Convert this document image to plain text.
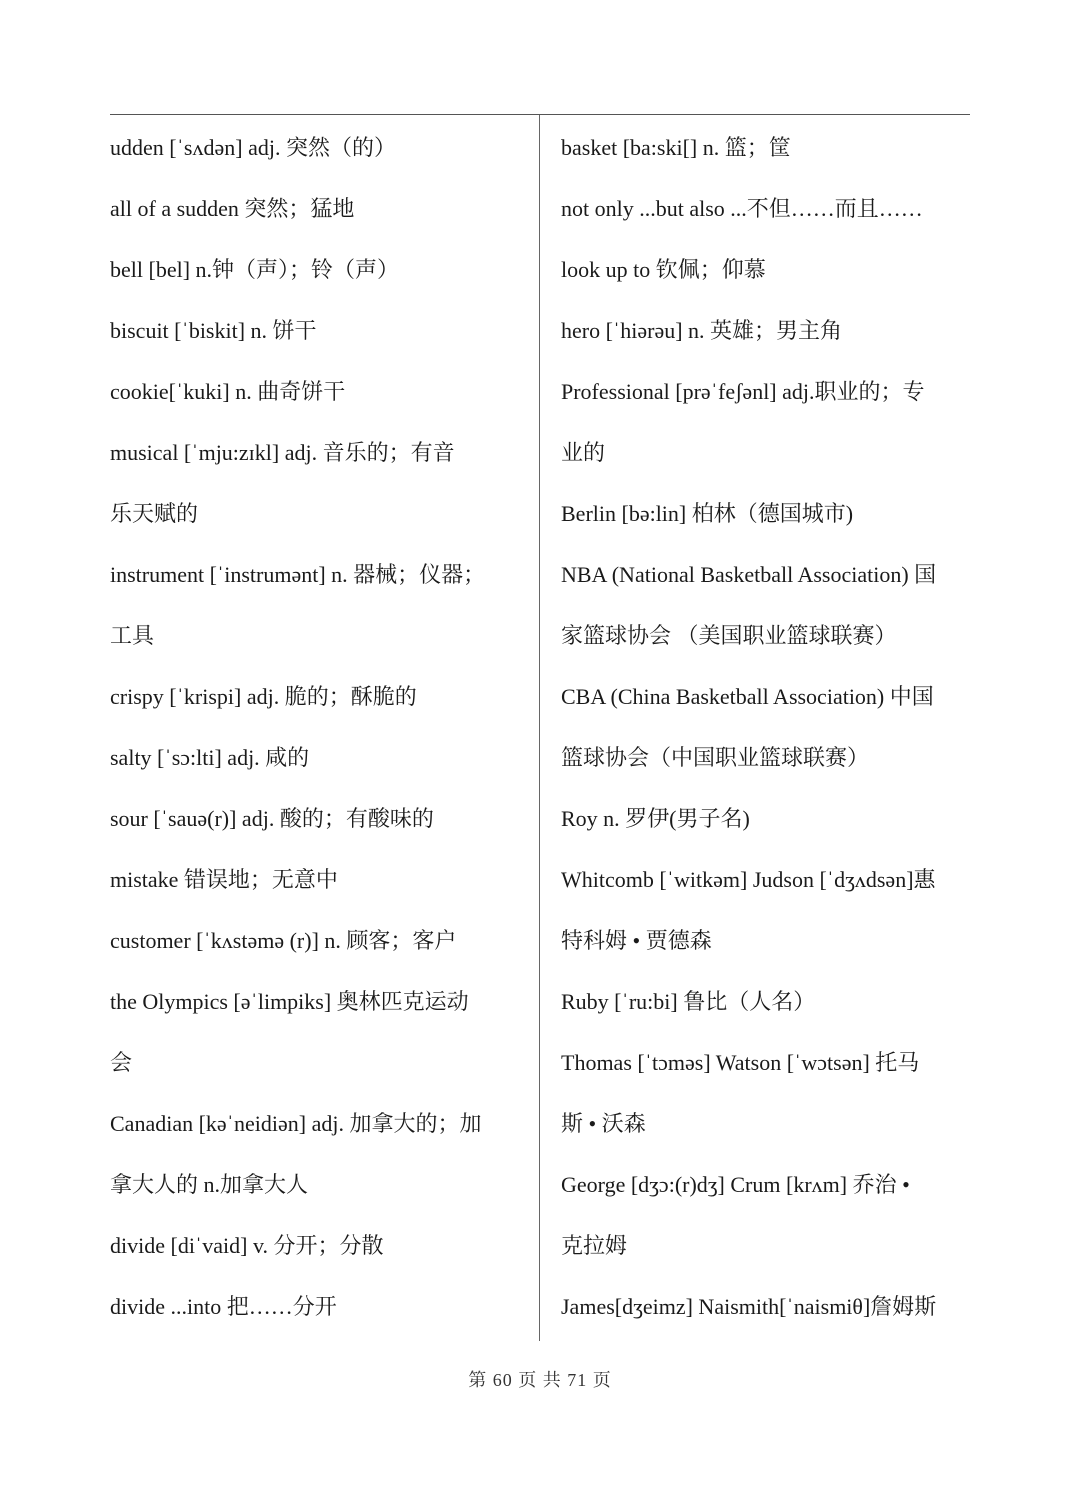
udden [ˈsʌdən] adj. 突然（的）
all of a sudden 突然；猛地
bell [bel] n.钟（声）；铃（声）
biscuit [ˈbiskit] n. 饼干
cookie[ˈkuki] n. 曲奇饼干
musical [ˈmju:zɪkl] adj. 音乐的；有音
乐天赋的
instrument [ˈinstrumənt] n. 器械；仪器；
工具
crispy [ˈkrispi] adj. 脆的；酥脆的
salty [ˈsɔ:lti] adj. 咸的
sour [ˈsauə(r)] adj. 酸的；有酸味的
mistake 错误地；无意中
customer [ˈkʌstəmə (r)] n. 顾客；客户
the Olympics [əˈlimpiks] 奥林匹克运动
会
Canadian [kəˈneidiən] adj. 加拿大的；加
拿大人的 n.加拿大人
divide [diˈvaid] v. 分开；分散
divide ...into 把……分开
basket [ba:ski[] n. 篮；筐
not only ...but also ...不但……而且……
look up to 钦佩；仰慕
hero [ˈhiərəu] n. 英雄；男主角
Professional [prəˈfeʃənl] adj.职业的；专
业的
Berlin [bə:lin] 柏林（德国城市)
NBA (National Basketball Association) 国
家篮球协会 （美国职业篮球联赛）
CBA (China Basketball Association) 中国
篮球协会（中国职业篮球联赛）
Roy n. 罗伊(男子名)
Whitcomb [ˈwitkəm] Judson [ˈdʒʌdsən]惠
特科姆 • 贾德森
Ruby [ˈru:bi] 鲁比（人名）
Thomas [ˈtɔməs] Watson [ˈwɔtsən] 托马
斯 • 沃森
George [dʒɔ:(r)dʒ] Crum [krʌm] 乔治 •
克拉姆
James[dʒeimz] Naismith[ˈnaismiθ]詹姆斯
第 60 页 共 71 页
